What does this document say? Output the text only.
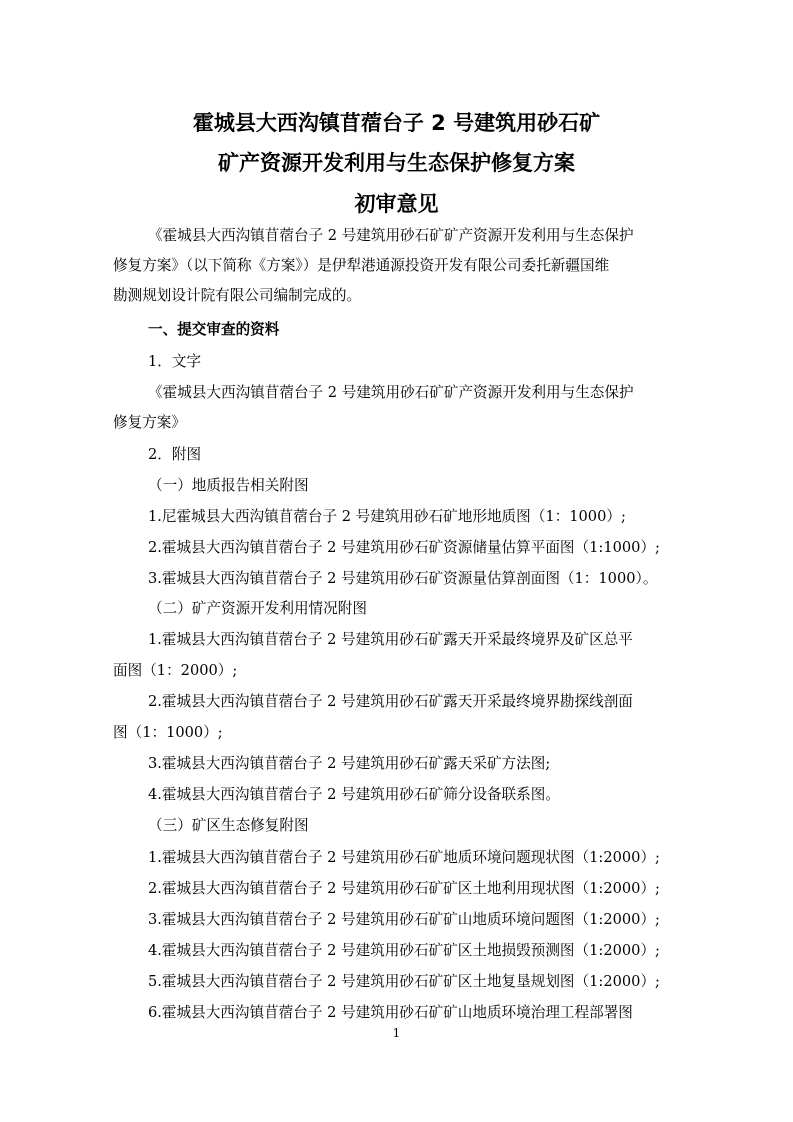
霍城县大西沟镇苜蓿台子 2 号建筑用砂石矿
矿产资源开发利用与生态保护修复方案
初审意见
《霍城县大西沟镇苜蓿台子 2 号建筑用砂石矿矿产资源开发利用与生态保护
修复方案》（以下简称《方案》）是伊犁港通源投资开发有限公司委托新疆国维
勘测规划设计院有限公司编制完成的。
一、提交审查的资料
1．文字
《霍城县大西沟镇苜蓿台子 2 号建筑用砂石矿矿产资源开发利用与生态保护
修复方案》
2．附图
（一）地质报告相关附图
1.尼霍城县大西沟镇苜蓿台子 2 号建筑用砂石矿地形地质图（1：1000）;
2.霍城县大西沟镇苜蓿台子 2 号建筑用砂石矿资源储量估算平面图（1:1000）;
3.霍城县大西沟镇苜蓿台子 2 号建筑用砂石矿资源量估算剖面图（1：1000）。
（二）矿产资源开发利用情况附图
1.霍城县大西沟镇苜蓿台子 2 号建筑用砂石矿露天开采最终境界及矿区总平
面图（1：2000）;
2.霍城县大西沟镇苜蓿台子 2 号建筑用砂石矿露天开采最终境界勘探线剖面
图（1：1000）;
3.霍城县大西沟镇苜蓿台子 2 号建筑用砂石矿露天采矿方法图;
4.霍城县大西沟镇苜蓿台子 2 号建筑用砂石矿筛分设备联系图。
（三）矿区生态修复附图
1.霍城县大西沟镇苜蓿台子 2 号建筑用砂石矿地质环境问题现状图（1:2000）;
2.霍城县大西沟镇苜蓿台子 2 号建筑用砂石矿矿区土地利用现状图（1:2000）;
3.霍城县大西沟镇苜蓿台子 2 号建筑用砂石矿矿山地质环境问题图（1:2000）;
4.霍城县大西沟镇苜蓿台子 2 号建筑用砂石矿矿区土地损毁预测图（1:2000）;
5.霍城县大西沟镇苜蓿台子 2 号建筑用砂石矿矿区土地复垦规划图（1:2000）;
6.霍城县大西沟镇苜蓿台子 2 号建筑用砂石矿矿山地质环境治理工程部署图
1
